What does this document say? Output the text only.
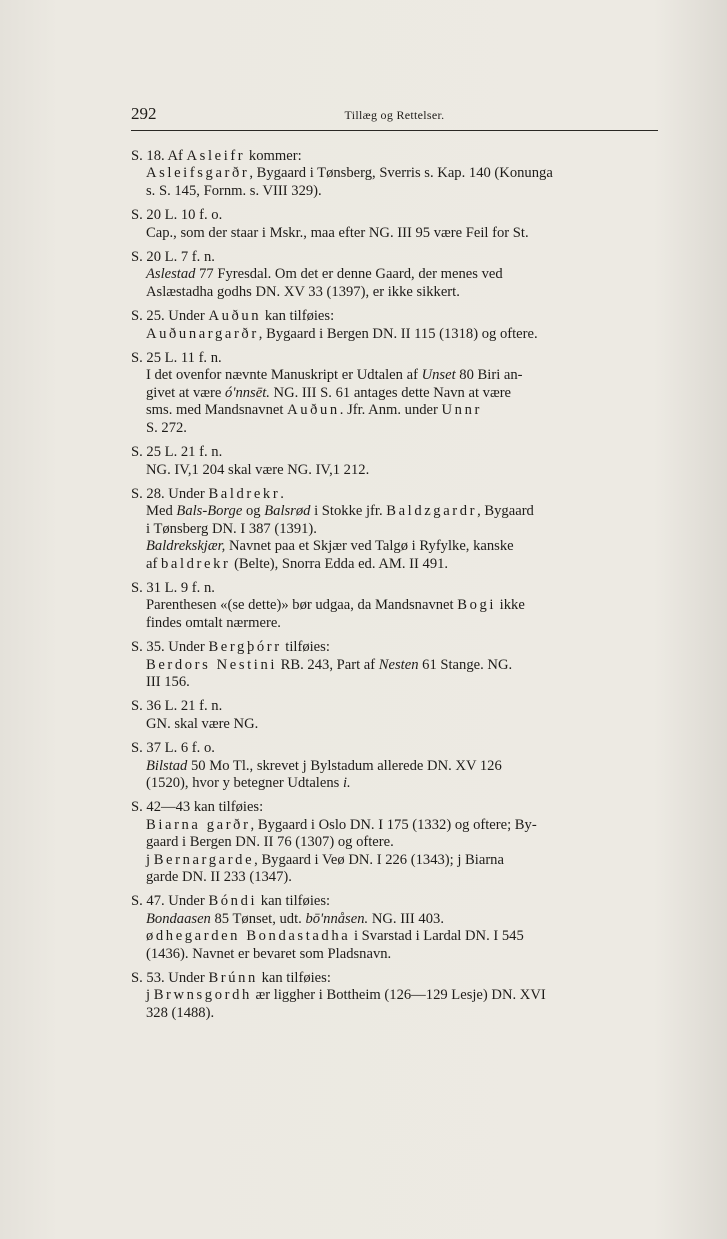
292	Tillæg og Rettelser.
S. 18. Af Asleifr kommer:
Asleifsgarðr, Bygaard i Tønsberg, Sverris s. Kap. 140 (Konunga
s. S. 145, Fornm. s. VIII 329).
S. 20 L. 10 f. o.
Cap., som der staar i Mskr., maa efter NG. III 95 være Feil for St.
S. 20 L. 7 f. n.
Aslestad 77 Fyresdal. Om det er denne Gaard, der menes ved
Aslæstadha godhs DN. XV 33 (1397), er ikke sikkert.
S. 25. Under Auðun kan tilføies:
Auðunargarðr, Bygaard i Bergen DN. II 115 (1318) og oftere.
S. 25 L. 11 f. n.
I det ovenfor nævnte Manuskript er Udtalen af Unset 80 Biri an-
givet at være ó'nnsēt. NG. III S. 61 antages dette Navn at være
sms. med Mandsnavnet Auðun. Jfr. Anm. under Unnr
S. 272.
S. 25 L. 21 f. n.
NG. IV,1 204 skal være NG. IV,1 212.
S. 28. Under Baldrekr.
Med Bals-Borge og Balsrød i Stokke jfr. Baldzgardr, Bygaard
i Tønsberg DN. I 387 (1391).
Baldrekskjær, Navnet paa et Skjær ved Talgø i Ryfylke, kanske
af baldrekr (Belte), Snorra Edda ed. AM. II 491.
S. 31 L. 9 f. n.
Parenthesen «(se dette)» bør udgaa, da Mandsnavnet Bogi ikke
findes omtalt nærmere.
S. 35. Under Bergþórr tilføies:
Berdors Nestini RB. 243, Part af Nesten 61 Stange. NG.
III 156.
S. 36 L. 21 f. n.
GN. skal være NG.
S. 37 L. 6 f. o.
Bilstad 50 Mo Tl., skrevet j Bylstadum allerede DN. XV 126
(1520), hvor y betegner Udtalens i.
S. 42—43 kan tilføies:
Biarna garðr, Bygaard i Oslo DN. I 175 (1332) og oftere; By-
gaard i Bergen DN. II 76 (1307) og oftere.
j Bernargarde, Bygaard i Veø DN. I 226 (1343); j Biarna
garde DN. II 233 (1347).
S. 47. Under Bóndi kan tilføies:
Bondaasen 85 Tønset, udt. bō'nnåsen. NG. III 403.
ødhegarden Bondastadha i Svarstad i Lardal DN. I 545
(1436). Navnet er bevaret som Pladsnavn.
S. 53. Under Brúnn kan tilføies:
j Brwnsgordh ær liggher i Bottheim (126—129 Lesje) DN. XVI
328 (1488).
